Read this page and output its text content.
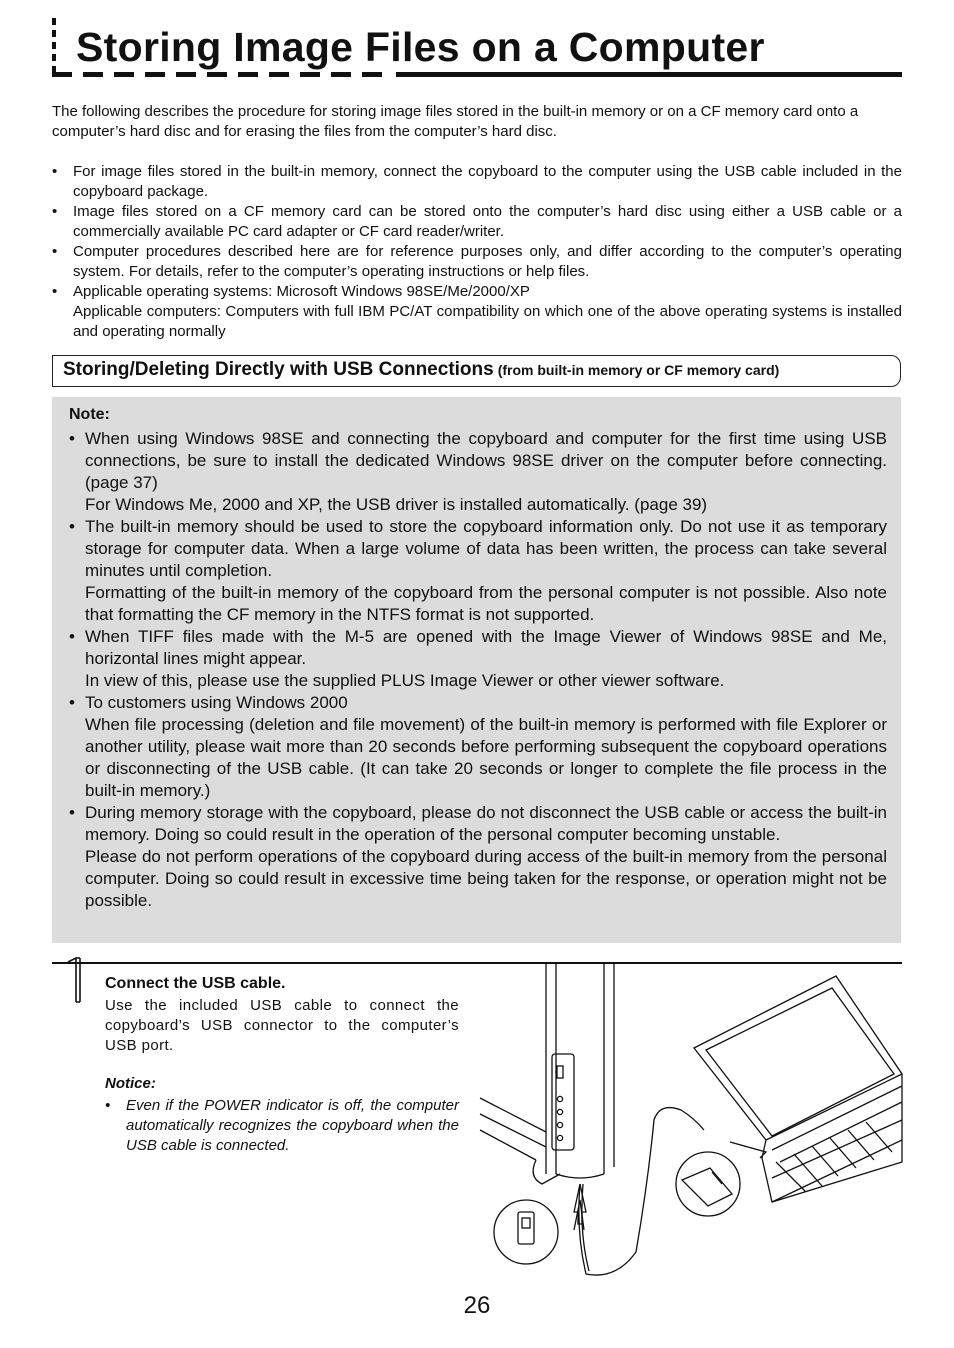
Storing Image Files on a Computer
The following describes the procedure for storing image files stored in the built-in memory or on a CF memory card onto a computer’s hard disc and for erasing the files from the computer’s hard disc.
• For image files stored in the built-in memory, connect the copyboard to the computer using the USB cable included in the copyboard package.
• Image files stored on a CF memory card can be stored onto the computer’s hard disc using either a USB cable or a commercially available PC card adapter or CF card reader/writer.
• Computer procedures described here are for reference purposes only, and differ according to the computer’s operating system. For details, refer to the computer’s operating instructions or help files.
• Applicable operating systems: Microsoft Windows 98SE/Me/2000/XP
Applicable computers: Computers with full IBM PC/AT compatibility on which one of the above operating systems is installed and operating normally
Storing/Deleting Directly with USB Connections (from built-in memory or CF memory card)
Note:
• When using Windows 98SE and connecting the copyboard and computer for the first time using USB connections, be sure to install the dedicated Windows 98SE driver on the computer before connecting. (page 37)

For Windows Me, 2000 and XP, the USB driver is installed automatically. (page 39)

• The built-in memory should be used to store the copyboard information only. Do not use it as temporary storage for computer data. When a large volume of data has been written, the process can take several minutes until completion.

Formatting of the built-in memory of the copyboard from the personal computer is not possible. Also note that formatting the CF memory in the NTFS format is not supported.

• When TIFF files made with the M-5 are opened with the Image Viewer of Windows 98SE and Me, horizontal lines might appear.

In view of this, please use the supplied PLUS Image Viewer or other viewer software.

• To customers using Windows 2000

When file processing (deletion and file movement) of the built-in memory is performed with file Explorer or another utility, please wait more than 20 seconds before performing subsequent the copyboard operations or disconnecting of the USB cable. (It can take 20 seconds or longer to complete the file process in the built-in memory.)

• During memory storage with the copyboard, please do not disconnect the USB cable or access the built-in memory. Doing so could result in the operation of the personal computer becoming unstable.

Please do not perform operations of the copyboard during access of the built-in memory from the personal computer. Doing so could result in excessive time being taken for the response, or operation might not be possible.

Connect the USB cable.
Use the included USB cable to connect the copyboard’s USB connector to the computer’s USB port.
Notice:
•	Even if the POWER indicator is off, the computer automatically recognizes the copyboard when the USB cable is connected.
26
